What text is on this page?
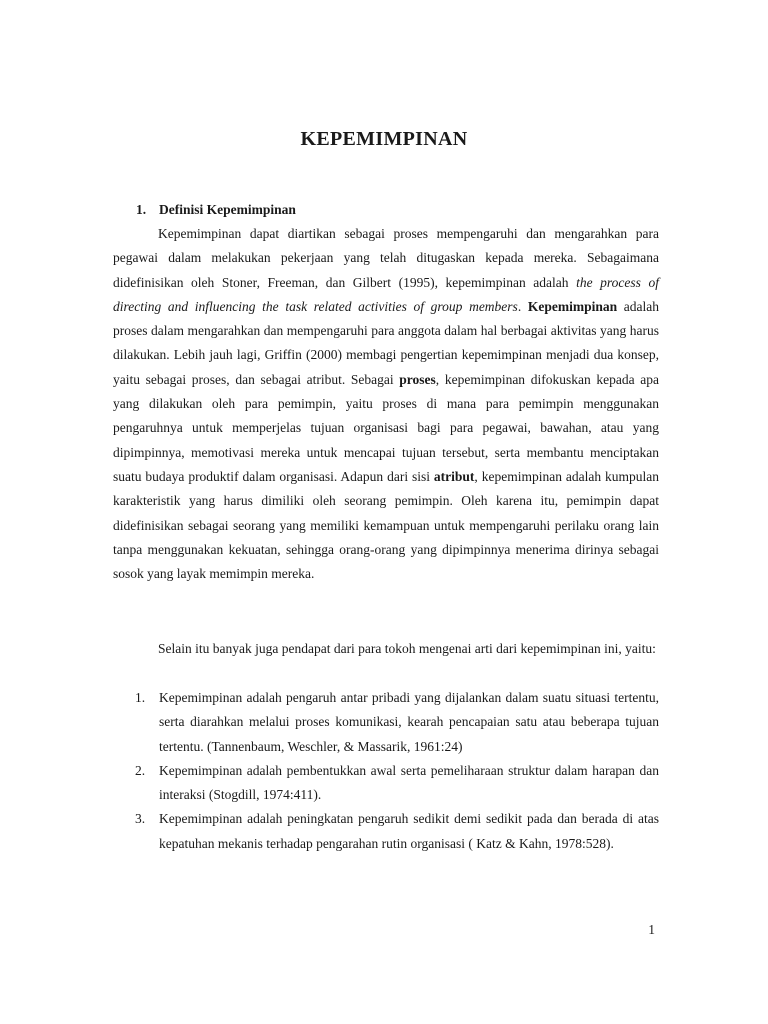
KEPEMIMPINAN
1. Definisi Kepemimpinan

Kepemimpinan dapat diartikan sebagai proses mempengaruhi dan mengarahkan para pegawai dalam melakukan pekerjaan yang telah ditugaskan kepada mereka. Sebagaimana didefinisikan oleh Stoner, Freeman, dan Gilbert (1995), kepemimpinan adalah the process of directing and influencing the task related activities of group members. Kepemimpinan adalah proses dalam mengarahkan dan mempengaruhi para anggota dalam hal berbagai aktivitas yang harus dilakukan. Lebih jauh lagi, Griffin (2000) membagi pengertian kepemimpinan menjadi dua konsep, yaitu sebagai proses, dan sebagai atribut. Sebagai proses, kepemimpinan difokuskan kepada apa yang dilakukan oleh para pemimpin, yaitu proses di mana para pemimpin menggunakan pengaruhnya untuk memperjelas tujuan organisasi bagi para pegawai, bawahan, atau yang dipimpinnya, memotivasi mereka untuk mencapai tujuan tersebut, serta membantu menciptakan suatu budaya produktif dalam organisasi. Adapun dari sisi atribut, kepemimpinan adalah kumpulan karakteristik yang harus dimiliki oleh seorang pemimpin. Oleh karena itu, pemimpin dapat didefinisikan sebagai seorang yang memiliki kemampuan untuk mempengaruhi perilaku orang lain tanpa menggunakan kekuatan, sehingga orang-orang yang dipimpinnya menerima dirinya sebagai sosok yang layak memimpin mereka.

Selain itu banyak juga pendapat dari para tokoh mengenai arti dari kepemimpinan ini, yaitu:

1. Kepemimpinan adalah pengaruh antar pribadi yang dijalankan dalam suatu situasi tertentu, serta diarahkan melalui proses komunikasi, kearah pencapaian satu atau beberapa tujuan tertentu. (Tannenbaum, Weschler, & Massarik, 1961:24)
2. Kepemimpinan adalah pembentukkan awal serta pemeliharaan struktur dalam harapan dan interaksi (Stogdill, 1974:411).
3. Kepemimpinan adalah peningkatan pengaruh sedikit demi sedikit pada dan berada di atas kepatuhan mekanis terhadap pengarahan rutin organisasi ( Katz & Kahn, 1978:528).
1
